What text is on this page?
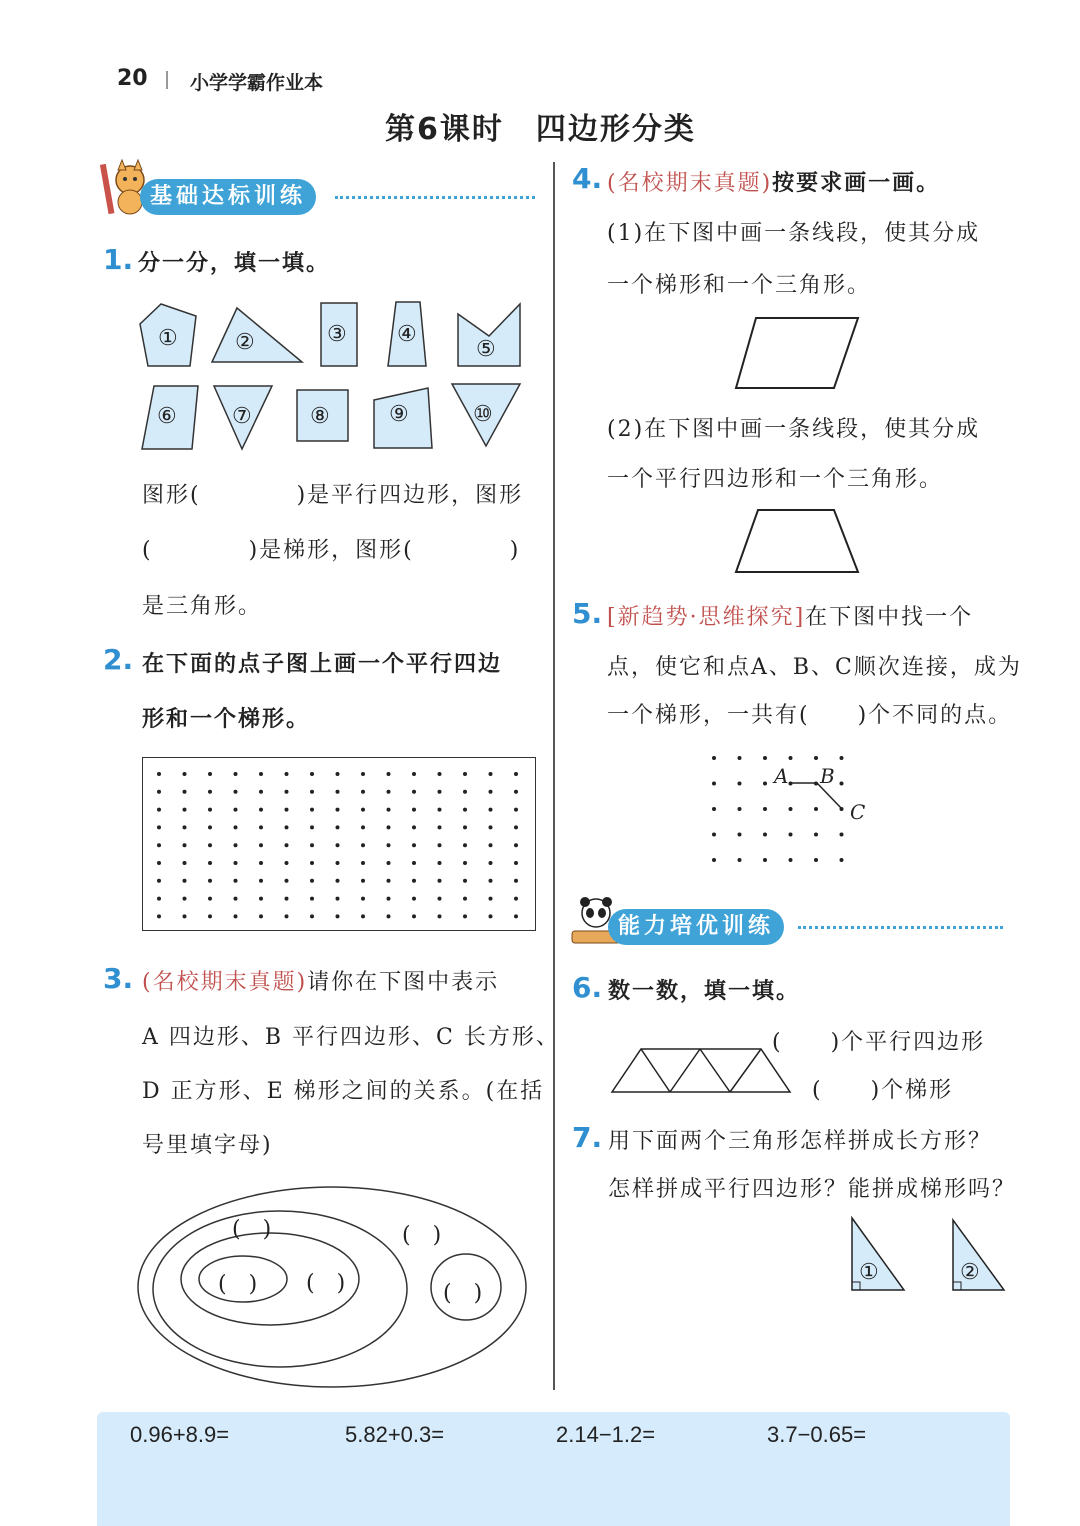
20 小学学霸作业本
第6课时　四边形分类
基础达标训练
1. 分一分，填一填。
①	②	③ ④
⑤
⑥	⑦	⑧	⑨	⑩
图形(　　　　)是平行四边形，图形
(　　　　)是梯形，图形(　　　　)
是三角形。
2. 在下面的点子图上画一个平行四边
形和一个梯形。
3. (名校期末真题)请你在下图中表示
A 四边形、B 平行四边形、C 长方形、
D 正方形、E 梯形之间的关系。(在括
号里填字母)
(　)	(　)
(　) (　)	(　)
4. (名校期末真题)按要求画一画。
(1)在下图中画一条线段，使其分成
一个梯形和一个三角形。
(2)在下图中画一条线段，使其分成
一个平行四边形和一个三角形。
5. [新趋势·思维探究]在下图中找一个
点，使它和点A、B、C顺次连接，成为
一个梯形，一共有(　　)个不同的点。
A B
C
能力培优训练
6. 数一数，填一填。
(　　)个平行四边形
(　　)个梯形
7. 用下面两个三角形怎样拼成长方形？
怎样拼成平行四边形？能拼成梯形吗？
①	②
0.96+8.9=	5.82+0.3=	2.14−1.2=	3.7−0.65=
